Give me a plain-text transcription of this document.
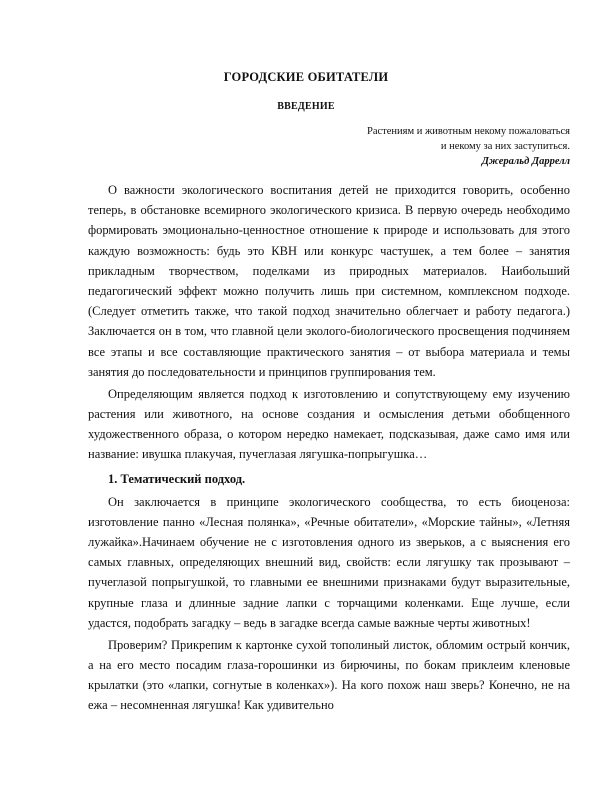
ГОРОДСКИЕ ОБИТАТЕЛИ
ВВЕДЕНИЕ
Растениям и животным некому пожаловаться
и некому за них заступиться.
Джеральд Даррелл

О важности экологического воспитания детей не приходится говорить, особенно теперь, в обстановке всемирного экологического кризиса. В первую очередь необходимо формировать эмоционально-ценностное отношение к природе и использовать для этого каждую возможность: будь это КВН или конкурс частушек, а тем более – занятия прикладным творчеством, поделками из природных материалов. Наибольший педагогический эффект можно получить лишь при системном, комплексном подходе. (Следует отметить также, что такой подход значительно облегчает и работу педагога.) Заключается он в том, что главной цели эколого-биологического просвещения подчиняем все этапы и все составляющие практического занятия – от выбора материала и темы занятия до последовательности и принципов группирования тем.

Определяющим является подход к изготовлению и сопутствующему ему изучению растения или животного, на основе создания и осмысления детьми обобщенного художественного образа, о котором нередко намекает, подсказывая, даже само имя или название: ивушка плакучая, пучеглазая лягушка-попрыгушка…

1. Тематический подход.

Он заключается в принципе экологического сообщества, то есть биоценоза: изготовление панно «Лесная полянка», «Речные обитатели», «Морские тайны», «Летняя лужайка».Начинаем обучение не с изготовления одного из зверьков, а с выяснения его самых главных, определяющих внешний вид, свойств: если лягушку так прозывают – пучеглазой попрыгушкой, то главными ее внешними признаками будут выразительные, крупные глаза и длинные задние лапки с торчащими коленками. Еще лучше, если удастся, подобрать загадку – ведь в загадке всегда самые важные черты животных!

Проверим? Прикрепим к картонке сухой тополиный листок, обломим острый кончик, а на его место посадим глаза-горошинки из бирючины, по бокам приклеим кленовые крылатки (это «лапки, согнутые в коленках»). На кого похож наш зверь? Конечно, не на ежа – несомненная лягушка! Как удивительно
